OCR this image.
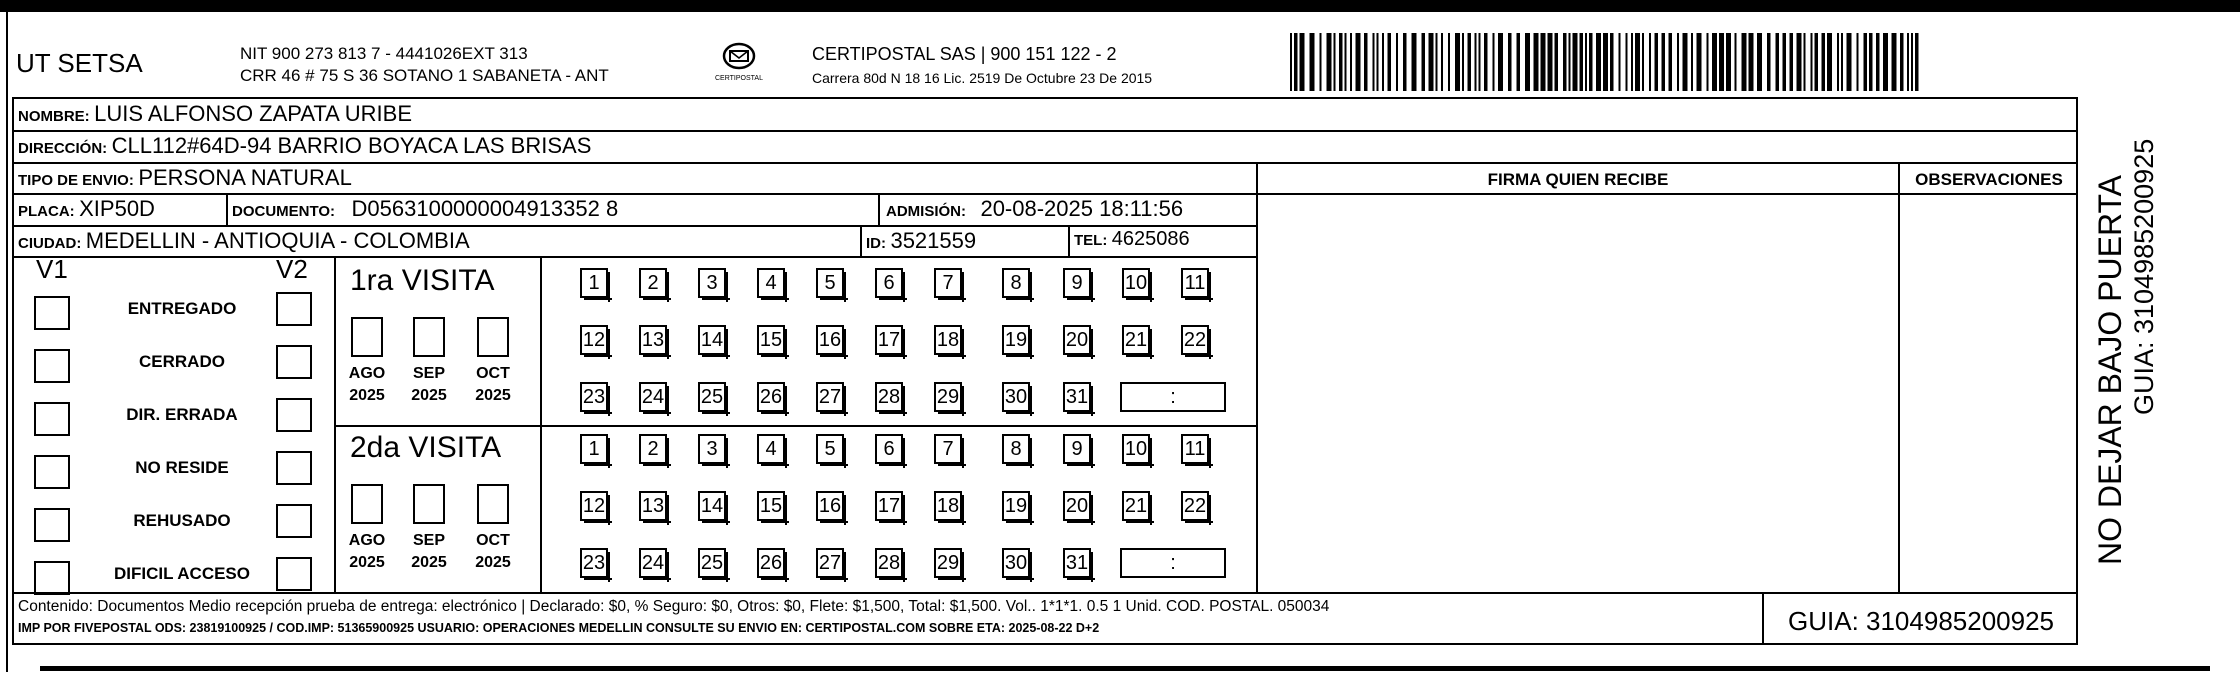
UT SETSA	NIT 900 273 813 7 - 4441026EXT 313
CRR 46 # 75 S 36 SOTANO 1 SABANETA - ANT	CERTIPOSTAL
CERTIPOSTAL SAS | 900 151 122 - 2
Carrera 80d N 18 16 Lic. 2519 De Octubre 23 De 2015
NOMBRE: LUIS ALFONSO ZAPATA URIBE
DIRECCIÓN: CLL112#64D-94 BARRIO BOYACA LAS BRISAS
TIPO DE ENVIO: PERSONA NATURAL	FIRMA QUIEN RECIBE	OBSERVACIONES
PLACA: XIP50D	DOCUMENTO: D0563100000004913352 8	ADMISIÓN: 20-08-2025 18:11:56
CIUDAD: MEDELLIN - ANTIOQUIA - COLOMBIA	ID: 3521559	TEL: 4625086
V1	V2
ENTREGADO
CERRADO
DIR. ERRADA
NO RESIDE
REHUSADO
DIFICIL ACCESO
1ra VISITA
2da VISITA
1	2	3	4	5	6	7	8	9	10 11
12 13 14 15 16 17 18 19 20 21 22
23 24 25 26 27 28 29 30 31	:
AGO
2025
SEP
2025
OCT
2025
1	2	3	4	5	6	7	8	9	10 11
12 13 14 15 16 17 18 19 20 21 22
23 24 25 26 27 28 29 30 31	:
AGO
2025
SEP
2025
OCT
2025
Contenido: Documentos Medio recepción prueba de entrega: electrónico | Declarado: $0, % Seguro: $0, Otros: $0, Flete: $1,500, Total: $1,500. Vol.. 1*1*1. 0.5 1 Unid. COD. POSTAL. 050034
IMP POR FIVEPOSTAL ODS: 23819100925 / COD.IMP: 51365900925 USUARIO: OPERACIONES MEDELLIN CONSULTE SU ENVIO EN: CERTIPOSTAL.COM SOBRE ETA: 2025-08-22 D+2	GUIA: 3104985200925
NO DEJAR BAJO PUERTA GUIA: 3104985200925
